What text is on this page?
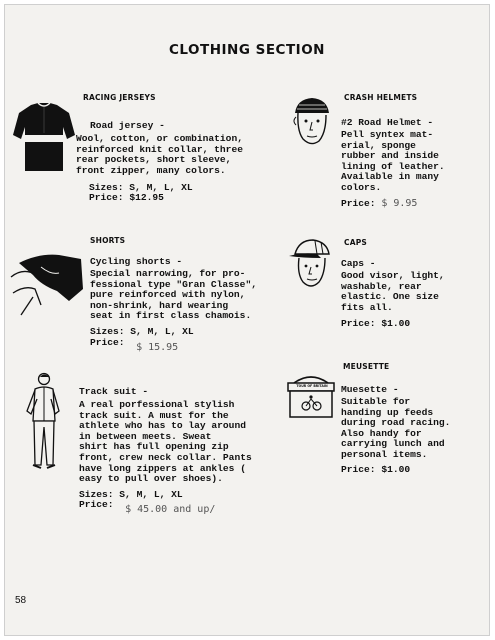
CLOTHING SECTION
RACING JERSEYS
Road jersey -
Wool, cotton, or combination,
reinforced knit collar, three
rear pockets, short sleeve,
front zipper, many colors.
Sizes: S, M, L, XL
Price: $12.95
CRASH HELMETS
#2 Road Helmet -
Pell syntex mat-
erial, sponge
rubber and inside
lining of leather.
Available in many
colors.
Price: $ 9.95
SHORTS
Cycling shorts -
Special narrowing, for pro-
fessional type "Gran Classe",
pure reinforced with nylon,
non-shrink, hard wearing
seat in first class chamois.
Sizes: S, M, L, XL
Price: $ 15.95
CAPS
Caps -
Good visor, light,
washable, rear
elastic. One size
fits all.
Price: $1.00
MEUSETTE
TOUR OF BRITAIN	Muesette -
Suitable for
handing up feeds
during road racing.
Also handy for
carrying lunch and
personal items.
Price: $1.00
Track suit -
A real porfessional stylish
track suit. A must for the
athlete who has to lay around
in between meets. Sweat
shirt has full opening zip
front, crew neck collar. Pants
have long zippers at ankles (
easy to pull over shoes).
Sizes: S, M, L, XL
Price: $ 45.00 and up/
58
